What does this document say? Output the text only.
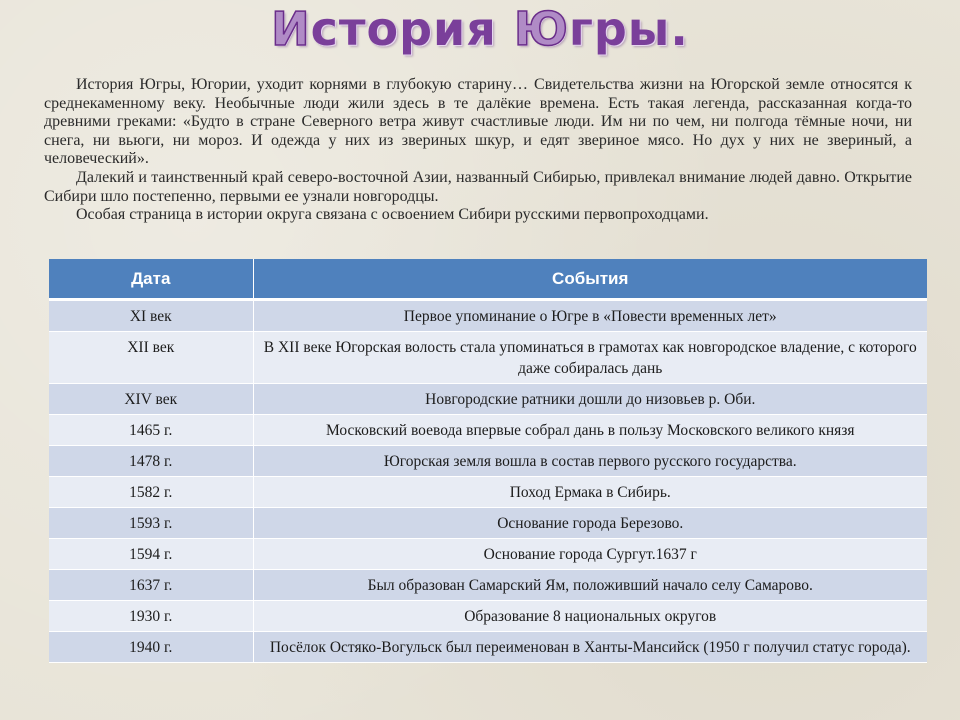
История Югры.

История Югры, Югории, уходит корнями в глубокую старину… Свидетельства жизни на Югорской земле относятся к среднекаменному веку. Необычные люди жили здесь в те далёкие времена. Есть такая легенда, рассказанная когда-то древними греками: «Будто в стране Северного ветра живут счастливые люди. Им ни по чем, ни полгода тёмные ночи, ни снега, ни вьюги, ни мороз. И одежда у них из звериных шкур, и едят звериное мясо. Но дух у них не звериный, а человеческий».

Далекий и таинственный край северо-восточной Азии, названный Сибирью, привлекал внимание людей давно. Открытие Сибири шло постепенно, первыми ее узнали новгородцы.

Особая страница в истории округа связана с освоением Сибири русскими первопроходцами.

Дата	События
XI век	Первое упоминание о Югре в «Повести временных лет»
XII век	В XII веке Югорская волость стала упоминаться в грамотах как новгородское владение, с которого даже собиралась дань
XIV век	Новгородские ратники дошли до низовьев р. Оби.
1465 г.	Московский воевода впервые собрал дань в пользу Московского великого князя
1478 г.	Югорская земля вошла в состав первого русского государства.
1582 г.	Поход Ермака в Сибирь.
1593 г.	Основание города Березово.
1594 г.	Основание города Сургут.1637 г
1637 г.	Был образован Самарский Ям, положивший начало селу Самарово.
1930 г.	Образование 8 национальных округов
1940 г.	Посёлок Остяко-Вогульск был переименован в Ханты-Мансийск (1950 г получил статус города).
